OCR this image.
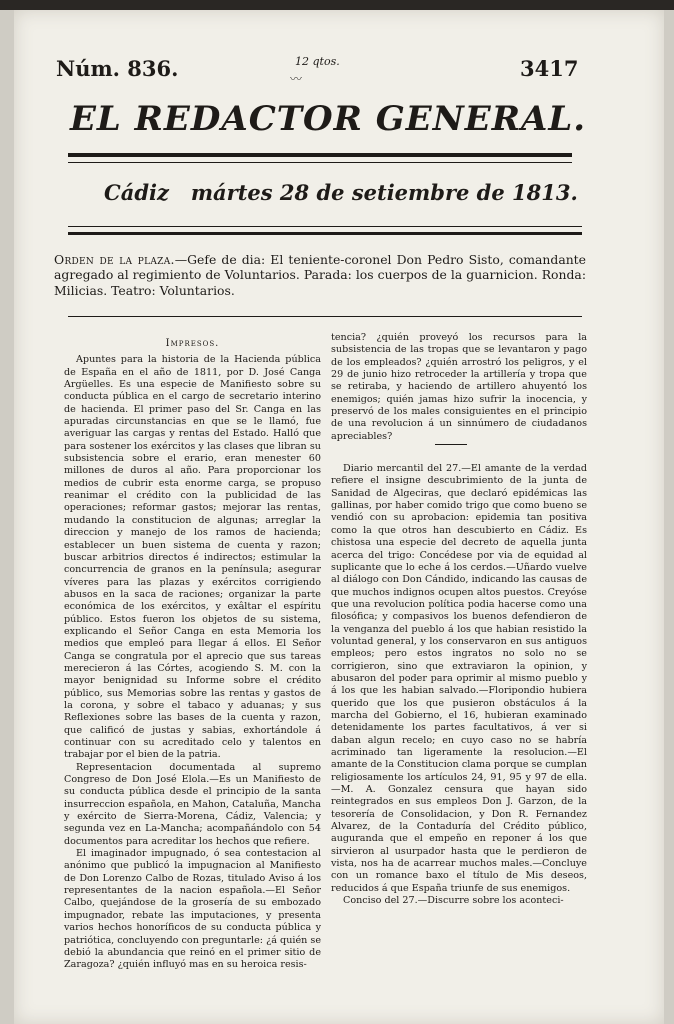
Núm. 836.	12 qtos.
〰	3417
EL REDACTOR GENERAL.
Cádiz   mártes 28 de setiembre de 1813.
Orden de la plaza.—Gefe de dia: El teniente-coronel Don Pedro Sisto, comandante agregado al regimiento de Voluntarios. Parada: los cuerpos de la guarnicion. Ronda: Milicias. Teatro: Voluntarios.

Impresos.

Apuntes para la historia de la Hacienda pública de España en el año de 1811, por D. José Canga Argüelles. Es una especie de Manifiesto sobre su conducta pública en el cargo de secretario interino de hacienda. El primer paso del Sr. Canga en las apuradas circunstancias en que se le llamó, fue averiguar las cargas y rentas del Estado. Halló que para sostener los exércitos y las clases que libran su subsistencia sobre el erario, eran menester 60 millones de duros al año. Para proporcionar los medios de cubrir esta enorme carga, se propuso reanimar el crédito con la publicidad de las operaciones; reformar gastos; mejorar las rentas, mudando la constitucion de algunas; arreglar la direccion y manejo de los ramos de hacienda; establecer un buen sistema de cuenta y razon; buscar arbitrios directos é indirectos; estimular la concurrencia de granos en la península; asegurar víveres para las plazas y exércitos corrigiendo abusos en la saca de raciones; organizar la parte económica de los exércitos, y exâltar el espíritu público. Estos fueron los objetos de su sistema, explicando el Señor Canga en esta Memoria los medios que empleó para llegar á ellos. El Señor Canga se congratula por el aprecio que sus tareas merecieron á las Córtes, acogiendo S. M. con la mayor benignidad su Informe sobre el crédito público, sus Memorias sobre las rentas y gastos de la corona, y sobre el tabaco y aduanas; y sus Reflexiones sobre las bases de la cuenta y razon, que calificó de justas y sabias, exhortándole á continuar con su acreditado celo y talentos en trabajar por el bien de la patria.

Representacion documentada al supremo Congreso de Don José Elola.—Es un Manifiesto de su conducta pública desde el principio de la santa insurreccion española, en Mahon, Cataluña, Mancha y exército de Sierra-Morena, Cádiz, Valencia; y segunda vez en La-Mancha; acompañándolo con 54 documentos para acreditar los hechos que refiere.

El imaginador impugnado, ó sea contestacion al anónimo que publicó la impugnacion al Manifiesto de Don Lorenzo Calbo de Rozas, titulado Aviso á los representantes de la nacion española.—El Señor Calbo, quejándose de la grosería de su embozado impugnador, rebate las imputaciones, y presenta varios hechos honoríficos de su conducta pública y patriótica, concluyendo con preguntarle: ¿á quién se debió la abundancia que reinó en el primer sitio de Zaragoza? ¿quién influyó mas en su heroica resis-

tencia? ¿quién proveyó los recursos para la subsistencia de las tropas que se levantaron y pago de los empleados? ¿quién arrostró los peligros, y el 29 de junio hizo retroceder la artillería y tropa que se retiraba, y haciendo de artillero ahuyentó los enemigos; quién jamas hizo sufrir la inocencia, y preservó de los males consiguientes en el principio de una revolucion á un sinnúmero de ciudadanos apreciables?

Diario mercantil del 27.—El amante de la verdad refiere el insigne descubrimiento de la junta de Sanidad de Algeciras, que declaró epidémicas las gallinas, por haber comido trigo que como bueno se vendió con su aprobacion: epidemia tan positiva como la que otros han descubierto en Cádiz. Es chistosa una especie del decreto de aquella junta acerca del trigo: Concédese por via de equidad al suplicante que lo eche á los cerdos.—Uñardo vuelve al diálogo con Don Cándido, indicando las causas de que muchos indignos ocupen altos puestos. Creyóse que una revolucion política podia hacerse como una filosófica; y compasivos los buenos defendieron de la venganza del pueblo á los que habian resistido la voluntad general, y los conservaron en sus antiguos empleos; pero estos ingratos no solo no se corrigieron, sino que extraviaron la opinion, y abusaron del poder para oprimir al mismo pueblo y á los que les habian salvado.—Floripondio hubiera querido que los que pusieron obstáculos á la marcha del Gobierno, el 16, hubieran examinado detenidamente los partes facultativos, á ver si daban algun recelo; en cuyo caso no se habría acriminado tan ligeramente la resolucion.—El amante de la Constitucion clama porque se cumplan religiosamente los artículos 24, 91, 95 y 97 de ella.—M. A. Gonzalez censura que hayan sido reintegrados en sus empleos Don J. Garzon, de la tesorería de Consolidacion, y Don R. Fernandez Alvarez, de la Contaduría del Crédito público, auguranda que el empeño en reponer á los que sirvieron al usurpador hasta que le perdieron de vista, nos ha de acarrear muchos males.—Concluye con un romance baxo el título de Mis deseos, reducidos á que España triunfe de sus enemigos.

Conciso del 27.—Discurre sobre los aconteci-
